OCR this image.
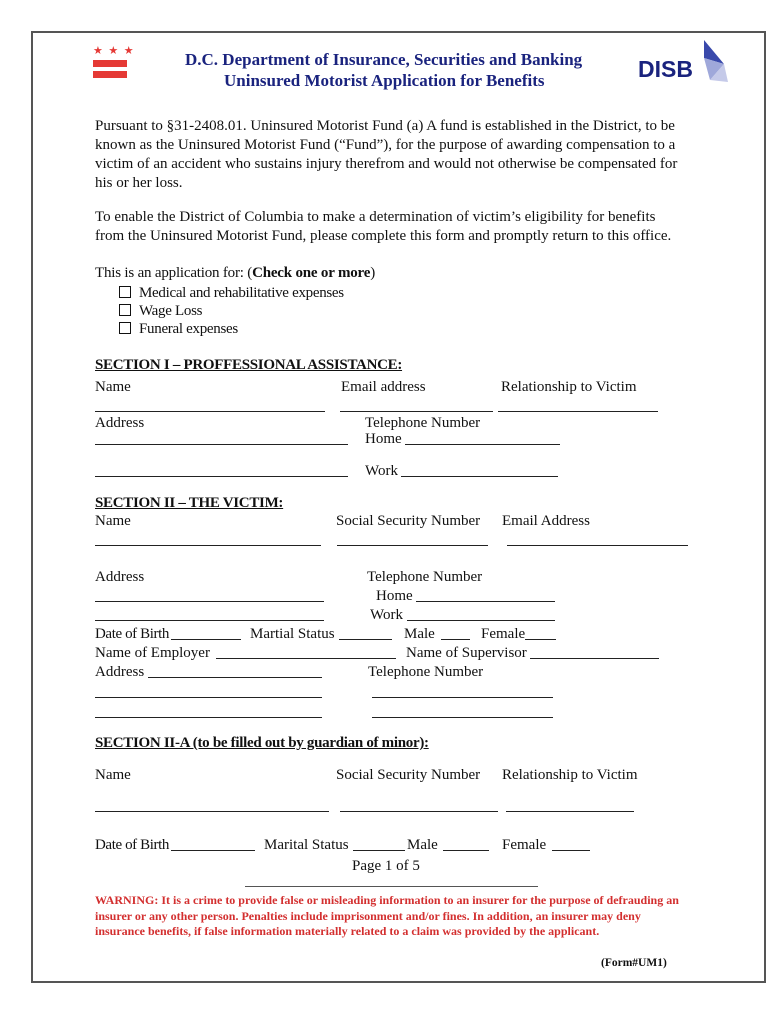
★ ★ ★	D.C. Department of Insurance, Securities and Banking
Uninsured Motorist Application for Benefits	DISB
Pursuant to §31-2408.01. Uninsured Motorist Fund (a) A fund is established in the District, to be known as the Uninsured Motorist Fund (“Fund”), for the purpose of awarding compensation to a victim of an accident who sustains injury therefrom and would not otherwise be compensated for his or her loss.
To enable the District of Columbia to make a determination of victim’s eligibility for benefits from the Uninsured Motorist Fund, please complete this form and promptly return to this office.
This is an application for: (Check one or more)
Medical and rehabilitative expenses
Wage Loss
Funeral expenses
SECTION I – PROFFESSIONAL ASSISTANCE:
Name	Email address	Relationship to Victim
Address	Telephone Number
Home
Work
SECTION II – THE VICTIM:
Name	Social Security Number Email Address
Address	Telephone Number
Home
Work
Date of Birth	Martial Status	Male	Female
Name of Employer	Name of Supervisor
Address	Telephone Number
SECTION II-A (to be filled out by guardian of minor):
Name	Social Security Number Relationship to Victim
Date of Birth	Marital Status	Male	Female
Page 1 of 5
WARNING: It is a crime to provide false or misleading information to an insurer for the purpose of defrauding an insurer or any other person. Penalties include imprisonment and/or fines. In addition, an insurer may deny insurance benefits, if false information materially related to a claim was provided by the applicant.
(Form#UM1)
